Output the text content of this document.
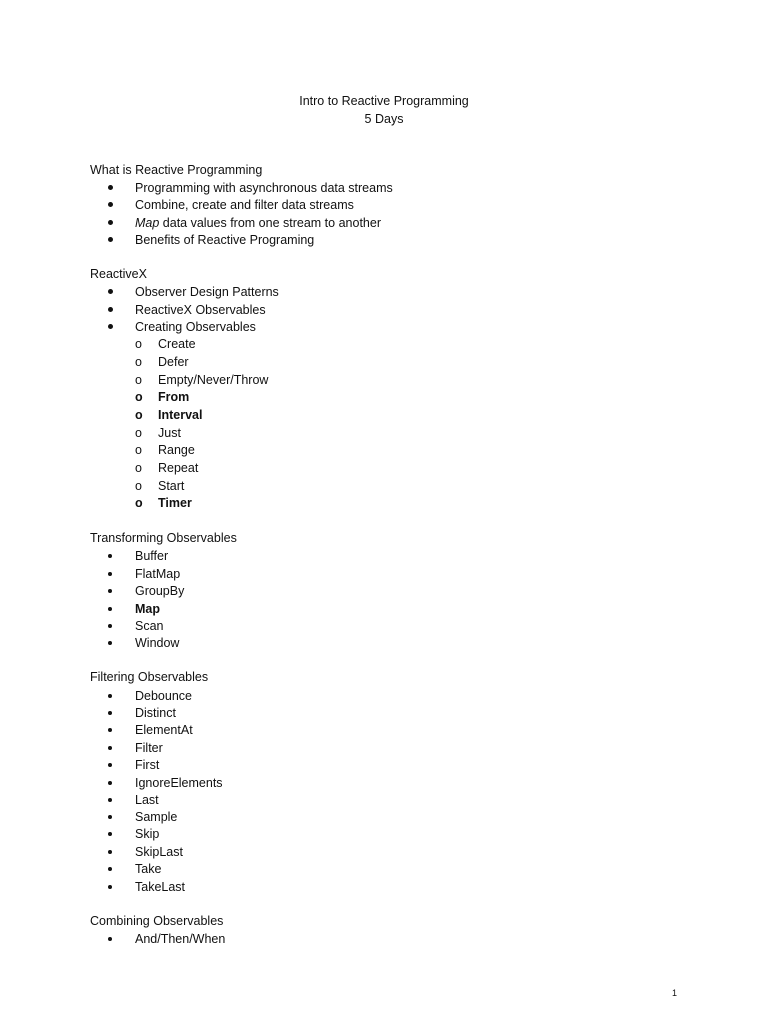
Intro to Reactive Programming
5 Days
What is Reactive Programming
Programming with asynchronous data streams
Combine, create and filter data streams
Map data values from one stream to another
Benefits of Reactive Programing
ReactiveX
Observer Design Patterns
ReactiveX Observables
Creating Observables
o	Create
o	Defer
o	Empty/Never/Throw
o	From
o	Interval
o	Just
o	Range
o	Repeat
o	Start
o	Timer
Transforming Observables
Buffer
FlatMap
GroupBy
Map
Scan
Window
Filtering Observables
Debounce
Distinct
ElementAt
Filter
First
IgnoreElements
Last
Sample
Skip
SkipLast
Take
TakeLast
Combining Observables
And/Then/When
1
